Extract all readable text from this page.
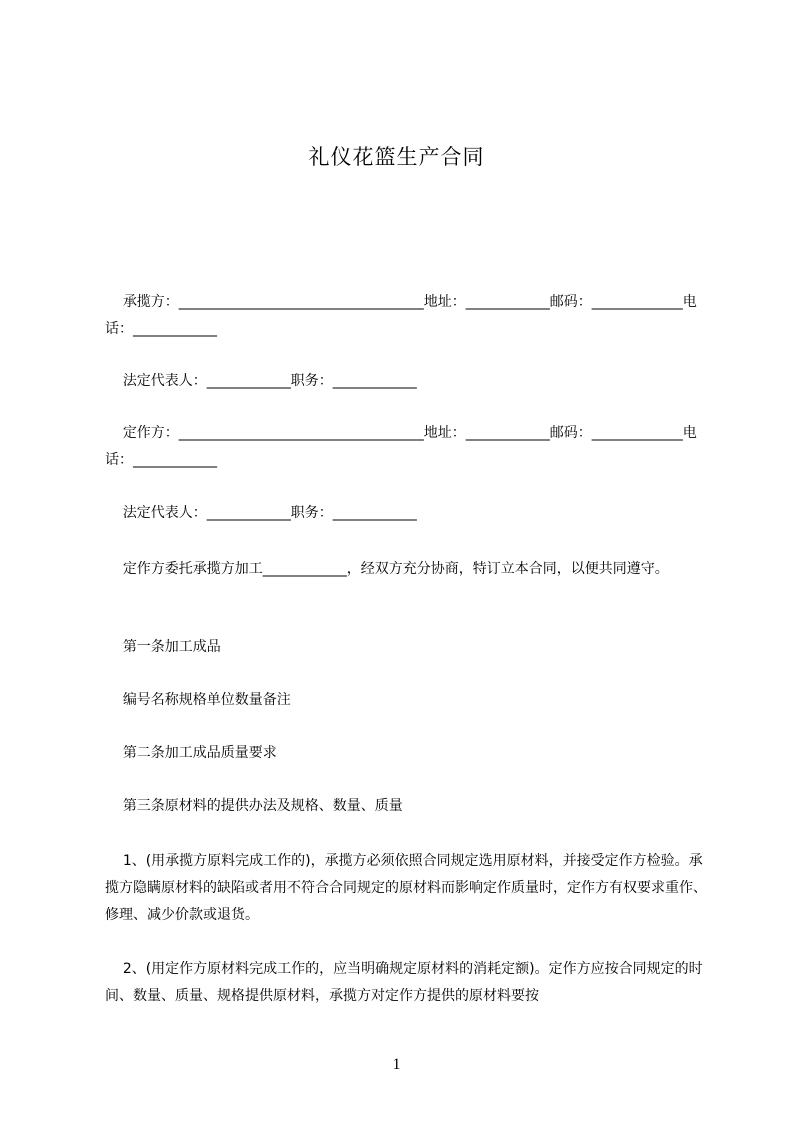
礼仪花篮生产合同
承揽方：___________________________________地址：____________邮码：_____________电话：____________
法定代表人：____________职务：____________
定作方：___________________________________地址：____________邮码：_____________电话：____________
法定代表人：____________职务：____________
定作方委托承揽方加工____________，经双方充分协商，特订立本合同，以便共同遵守。
第一条加工成品
编号名称规格单位数量备注
第二条加工成品质量要求
第三条原材料的提供办法及规格、数量、质量
1、(用承揽方原料完成工作的)，承揽方必须依照合同规定选用原材料，并接受定作方检验。承揽方隐瞒原材料的缺陷或者用不符合合同规定的原材料而影响定作质量时，定作方有权要求重作、修理、减少价款或退货。
2、(用定作方原材料完成工作的，应当明确规定原材料的消耗定额)。定作方应按合同规定的时间、数量、质量、规格提供原材料，承揽方对定作方提供的原材料要按
1
